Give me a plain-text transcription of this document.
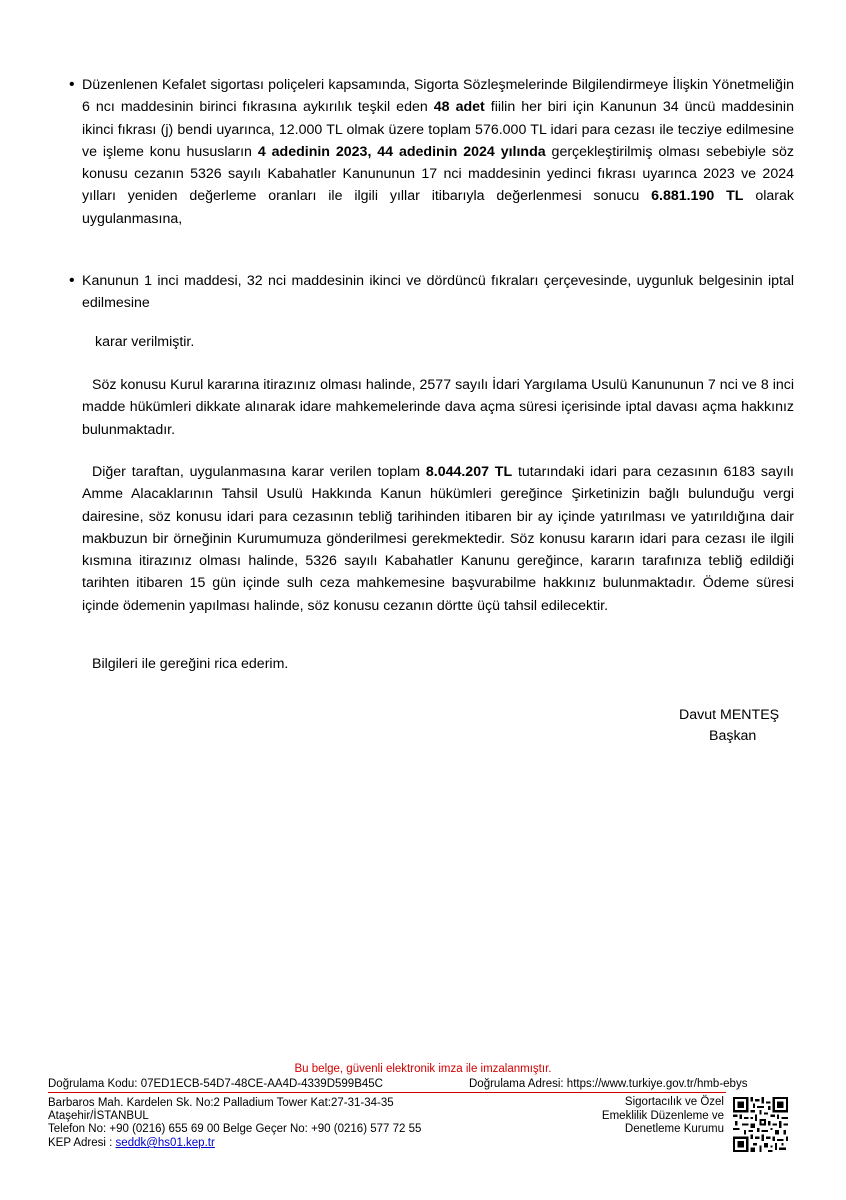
• Düzenlenen Kefalet sigortası poliçeleri kapsamında, Sigorta Sözleşmelerinde Bilgilendirmeye İlişkin Yönetmeliğin 6 ncı maddesinin birinci fıkrasına aykırılık teşkil eden 48 adet fiilin her biri için Kanunun 34 üncü maddesinin ikinci fıkrası (j) bendi uyarınca, 12.000 TL olmak üzere toplam 576.000 TL idari para cezası ile tecziye edilmesine ve işleme konu hususların 4 adedinin 2023, 44 adedinin 2024 yılında gerçekleştirilmiş olması sebebiyle söz konusu cezanın 5326 sayılı Kabahatler Kanununun 17 nci maddesinin yedinci fıkrası uyarınca 2023 ve 2024 yılları yeniden değerleme oranları ile ilgili yıllar itibarıyla değerlenmesi sonucu 6.881.190 TL olarak uygulanmasına,
• Kanunun 1 inci maddesi, 32 nci maddesinin ikinci ve dördüncü fıkraları çerçevesinde, uygunluk belgesinin iptal edilmesine
karar verilmiştir.
Söz konusu Kurul kararına itirazınız olması halinde, 2577 sayılı İdari Yargılama Usulü Kanununun 7 nci ve 8 inci madde hükümleri dikkate alınarak idare mahkemelerinde dava açma süresi içerisinde iptal davası açma hakkınız bulunmaktadır.
Diğer taraftan, uygulanmasına karar verilen toplam 8.044.207 TL tutarındaki idari para cezasının 6183 sayılı Amme Alacaklarının Tahsil Usulü Hakkında Kanun hükümleri gereğince Şirketinizin bağlı bulunduğu vergi dairesine, söz konusu idari para cezasının tebliğ tarihinden itibaren bir ay içinde yatırılması ve yatırıldığına dair makbuzun bir örneğinin Kurumumuza gönderilmesi gerekmektedir. Söz konusu kararın idari para cezası ile ilgili kısmına itirazınız olması halinde, 5326 sayılı Kabahatler Kanunu gereğince, kararın tarafınıza tebliğ edildiği tarihten itibaren 15 gün içinde sulh ceza mahkemesine başvurabilme hakkınız bulunmaktadır. Ödeme süresi içinde ödemenin yapılması halinde, söz konusu cezanın dörtte üçü tahsil edilecektir.
Bilgileri ile gereğini rica ederim.
Davut MENTEŞ
Başkan
Bu belge, güvenli elektronik imza ile imzalanmıştır.
Doğrulama Kodu: 07ED1ECB-54D7-48CE-AA4D-4339D599B45C	Doğrulama Adresi: https://www.turkiye.gov.tr/hmb-ebys
Barbaros Mah. Kardelen Sk. No:2 Palladium Tower Kat:27-31-34-35
Ataşehir/İSTANBUL
Telefon No: +90 (0216) 655 69 00 Belge Geçer No: +90 (0216) 577 72 55
KEP Adresi : seddk@hs01.kep.tr
Sigortacılık ve Özel
Emeklilik Düzenleme ve
Denetleme Kurumu
